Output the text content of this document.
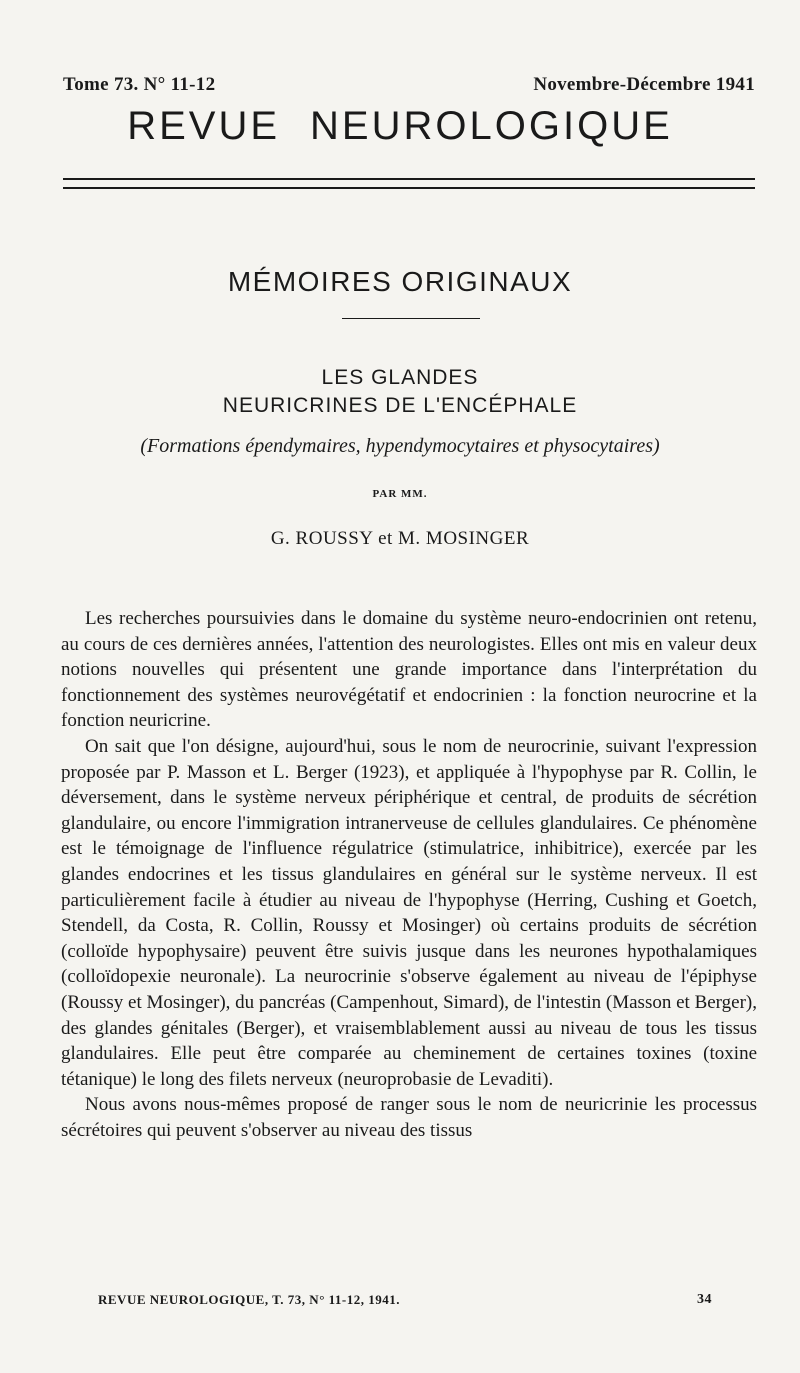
Tome 73. N° 11-12	Novembre-Décembre 1941
REVUE NEUROLOGIQUE
MÉMOIRES ORIGINAUX
LES GLANDES
NEURICRINES DE L'ENCÉPHALE
(Formations épendymaires, hypendymocytaires et physocytaires)
PAR MM.
G. ROUSSY et M. MOSINGER

Les recherches poursuivies dans le domaine du système neuro-endocrinien ont retenu, au cours de ces dernières années, l'attention des neurologistes. Elles ont mis en valeur deux notions nouvelles qui présentent une grande importance dans l'interprétation du fonctionnement des systèmes neurovégétatif et endocrinien : la fonction neurocrine et la fonction neuricrine.

On sait que l'on désigne, aujourd'hui, sous le nom de neurocrinie, suivant l'expression proposée par P. Masson et L. Berger (1923), et appliquée à l'hypophyse par R. Collin, le déversement, dans le système nerveux périphérique et central, de produits de sécrétion glandulaire, ou encore l'immigration intranerveuse de cellules glandulaires. Ce phénomène est le témoignage de l'influence régulatrice (stimulatrice, inhibitrice), exercée par les glandes endocrines et les tissus glandulaires en général sur le système nerveux. Il est particulièrement facile à étudier au niveau de l'hypophyse (Herring, Cushing et Goetch, Stendell, da Costa, R. Collin, Roussy et Mosinger) où certains produits de sécrétion (colloïde hypophysaire) peuvent être suivis jusque dans les neurones hypothalamiques (colloïdopexie neuronale). La neurocrinie s'observe également au niveau de l'épiphyse (Roussy et Mosinger), du pancréas (Campenhout, Simard), de l'intestin (Masson et Berger), des glandes génitales (Berger), et vraisemblablement aussi au niveau de tous les tissus glandulaires. Elle peut être comparée au cheminement de certaines toxines (toxine tétanique) le long des filets nerveux (neuroprobasie de Levaditi).

Nous avons nous-mêmes proposé de ranger sous le nom de neuricrinie les processus sécrétoires qui peuvent s'observer au niveau des tissus

REVUE NEUROLOGIQUE, T. 73, N° 11-12, 1941.	34
